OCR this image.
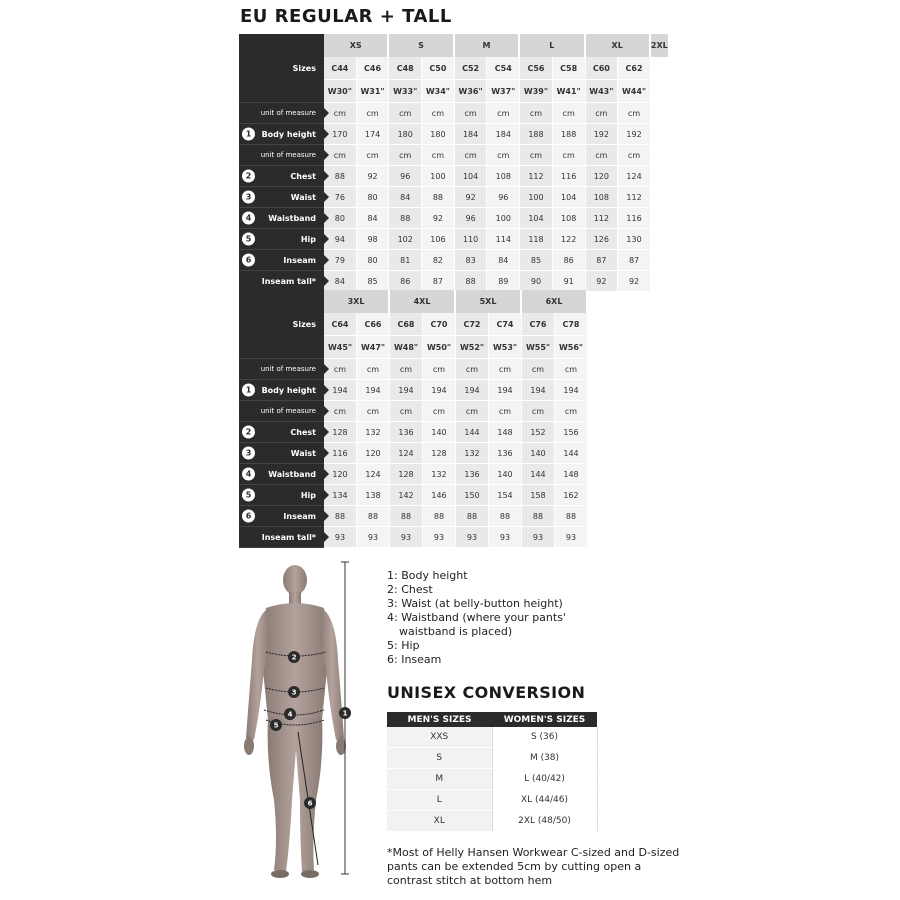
EU REGULAR + TALL
Sizes	XS		S		M		L		XL		2XL
	C44	C46	C48	C50	C52	C54	C56	C58	C60	C62	
	W30"	W31"	W33"	W34"	W36"	W37"	W39"	W41"	W43"	W44"	
unit of measure	cm	cm	cm	cm	cm	cm	cm	cm	cm	cm	

1 Body height	170	174	180	180	184	184	188	188	192	192	
unit of measure	cm	cm	cm	cm	cm	cm	cm	cm	cm	cm	

2 Chest	88	92	96	100	104	108	112	116	120	124	

3 Waist	76	80	84	88	92	96	100	104	108	112	

4 Waistband	80	84	88	92	96	100	104	108	112	116	

5 Hip	94	98	102	106	110	114	118	122	126	130	

6 Inseam	79	80	81	82	83	84	85	86	87	87	
Inseam tall*	84	85	86	87	88	89	90	91	92	92	
Sizes	3XL		4XL		5XL		6XL	
	C64	C66	C68	C70	C72	C74	C76	C78
	W45"	W47"	W48"	W50"	W52"	W53"	W55"	W56"
unit of measure	cm	cm	cm	cm	cm	cm	cm	cm

1 Body height	194	194	194	194	194	194	194	194
unit of measure	cm	cm	cm	cm	cm	cm	cm	cm

2 Chest	128	132	136	140	144	148	152	156

3 Waist	116	120	124	128	132	136	140	144

4 Waistband	120	124	128	132	136	140	144	148

5 Hip	134	138	142	146	150	154	158	162

6 Inseam	88	88	88	88	88	88	88	88
Inseam tall*	93	93	93	93	93	93	93	93
2
3
4
5
1
6
1: Body height
2: Chest
3: Waist (at belly-button height)
4: Waistband (where your pants'
waistband is placed)
5: Hip
6: Inseam
UNISEX CONVERSION
MEN'S SIZES	WOMEN'S SIZES
XXS	S (36)
S	M (38)
M	L (40/42)
L	XL (44/46)
XL	2XL (48/50)
*Most of Helly Hansen Workwear C-sized and D-sized pants can be extended 5cm by cutting open a contrast stitch at bottom hem
